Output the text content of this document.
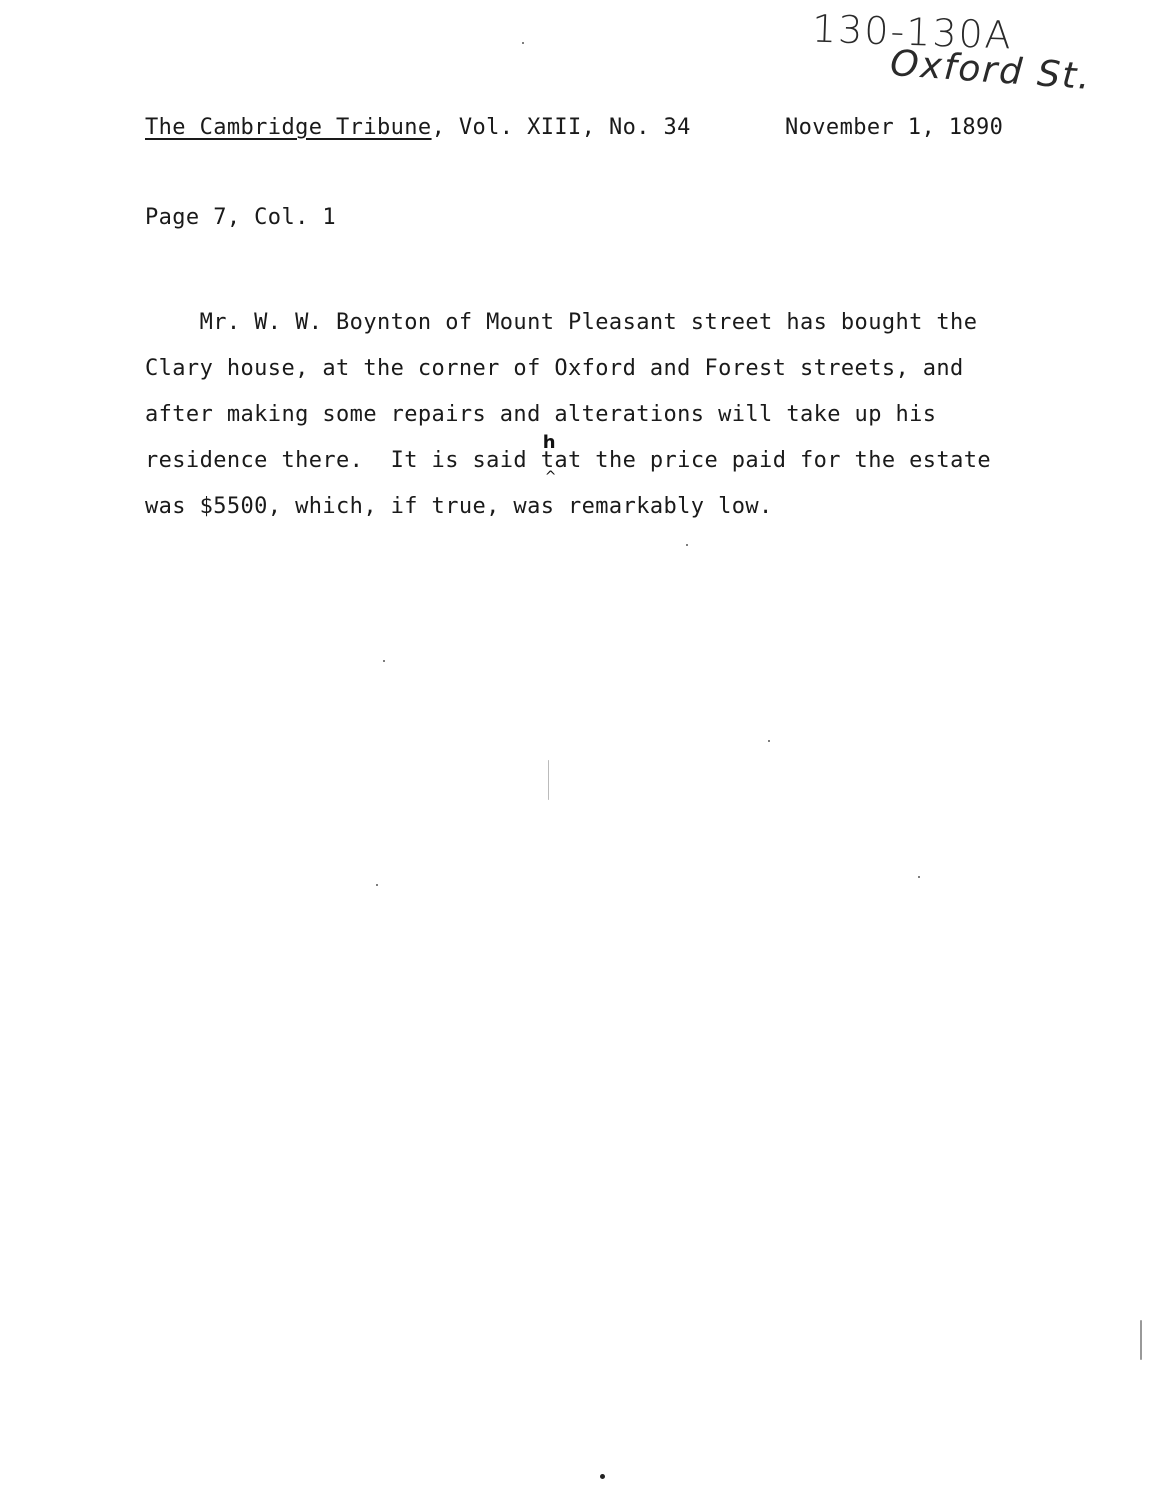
130-130A
Oxford St.
The Cambridge Tribune, Vol. XIII, No. 34	November 1, 1890
Page 7, Col. 1
Mr. W. W. Boynton of Mount Pleasant street has bought the
Clary house, at the corner of Oxford and Forest streets, and
after making some repairs and alterations will take up his
residence there.  It is said
h
tat
^
the price paid for the estate
was $5500, which, if true, was remarkably low.
